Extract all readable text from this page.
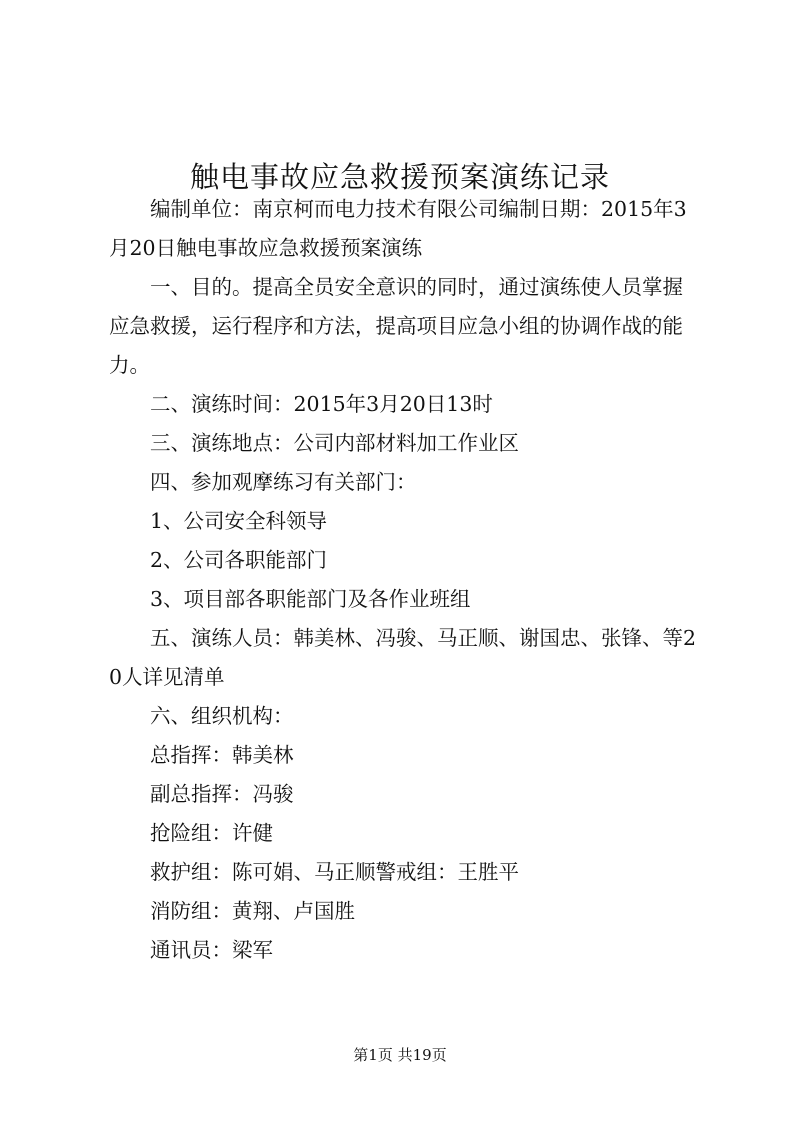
触电事故应急救援预案演练记录

编制单位：南京柯而电力技术有限公司编制日期：2015年3月20日触电事故应急救援预案演练

一、目的。提高全员安全意识的同时，通过演练使人员掌握应急救援，运行程序和方法，提高项目应急小组的协调作战的能力。

二、演练时间：2015年3月20日13时

三、演练地点：公司内部材料加工作业区

四、参加观摩练习有关部门：

1、公司安全科领导

2、公司各职能部门

3、项目部各职能部门及各作业班组

五、演练人员：韩美林、冯骏、马正顺、谢国忠、张锋、等20人详见清单

六、组织机构：

总指挥：韩美林

副总指挥：冯骏

抢险组：许健

救护组：陈可娟、马正顺警戒组：王胜平

消防组：黄翔、卢国胜

通讯员：梁军

第1页 共19页
